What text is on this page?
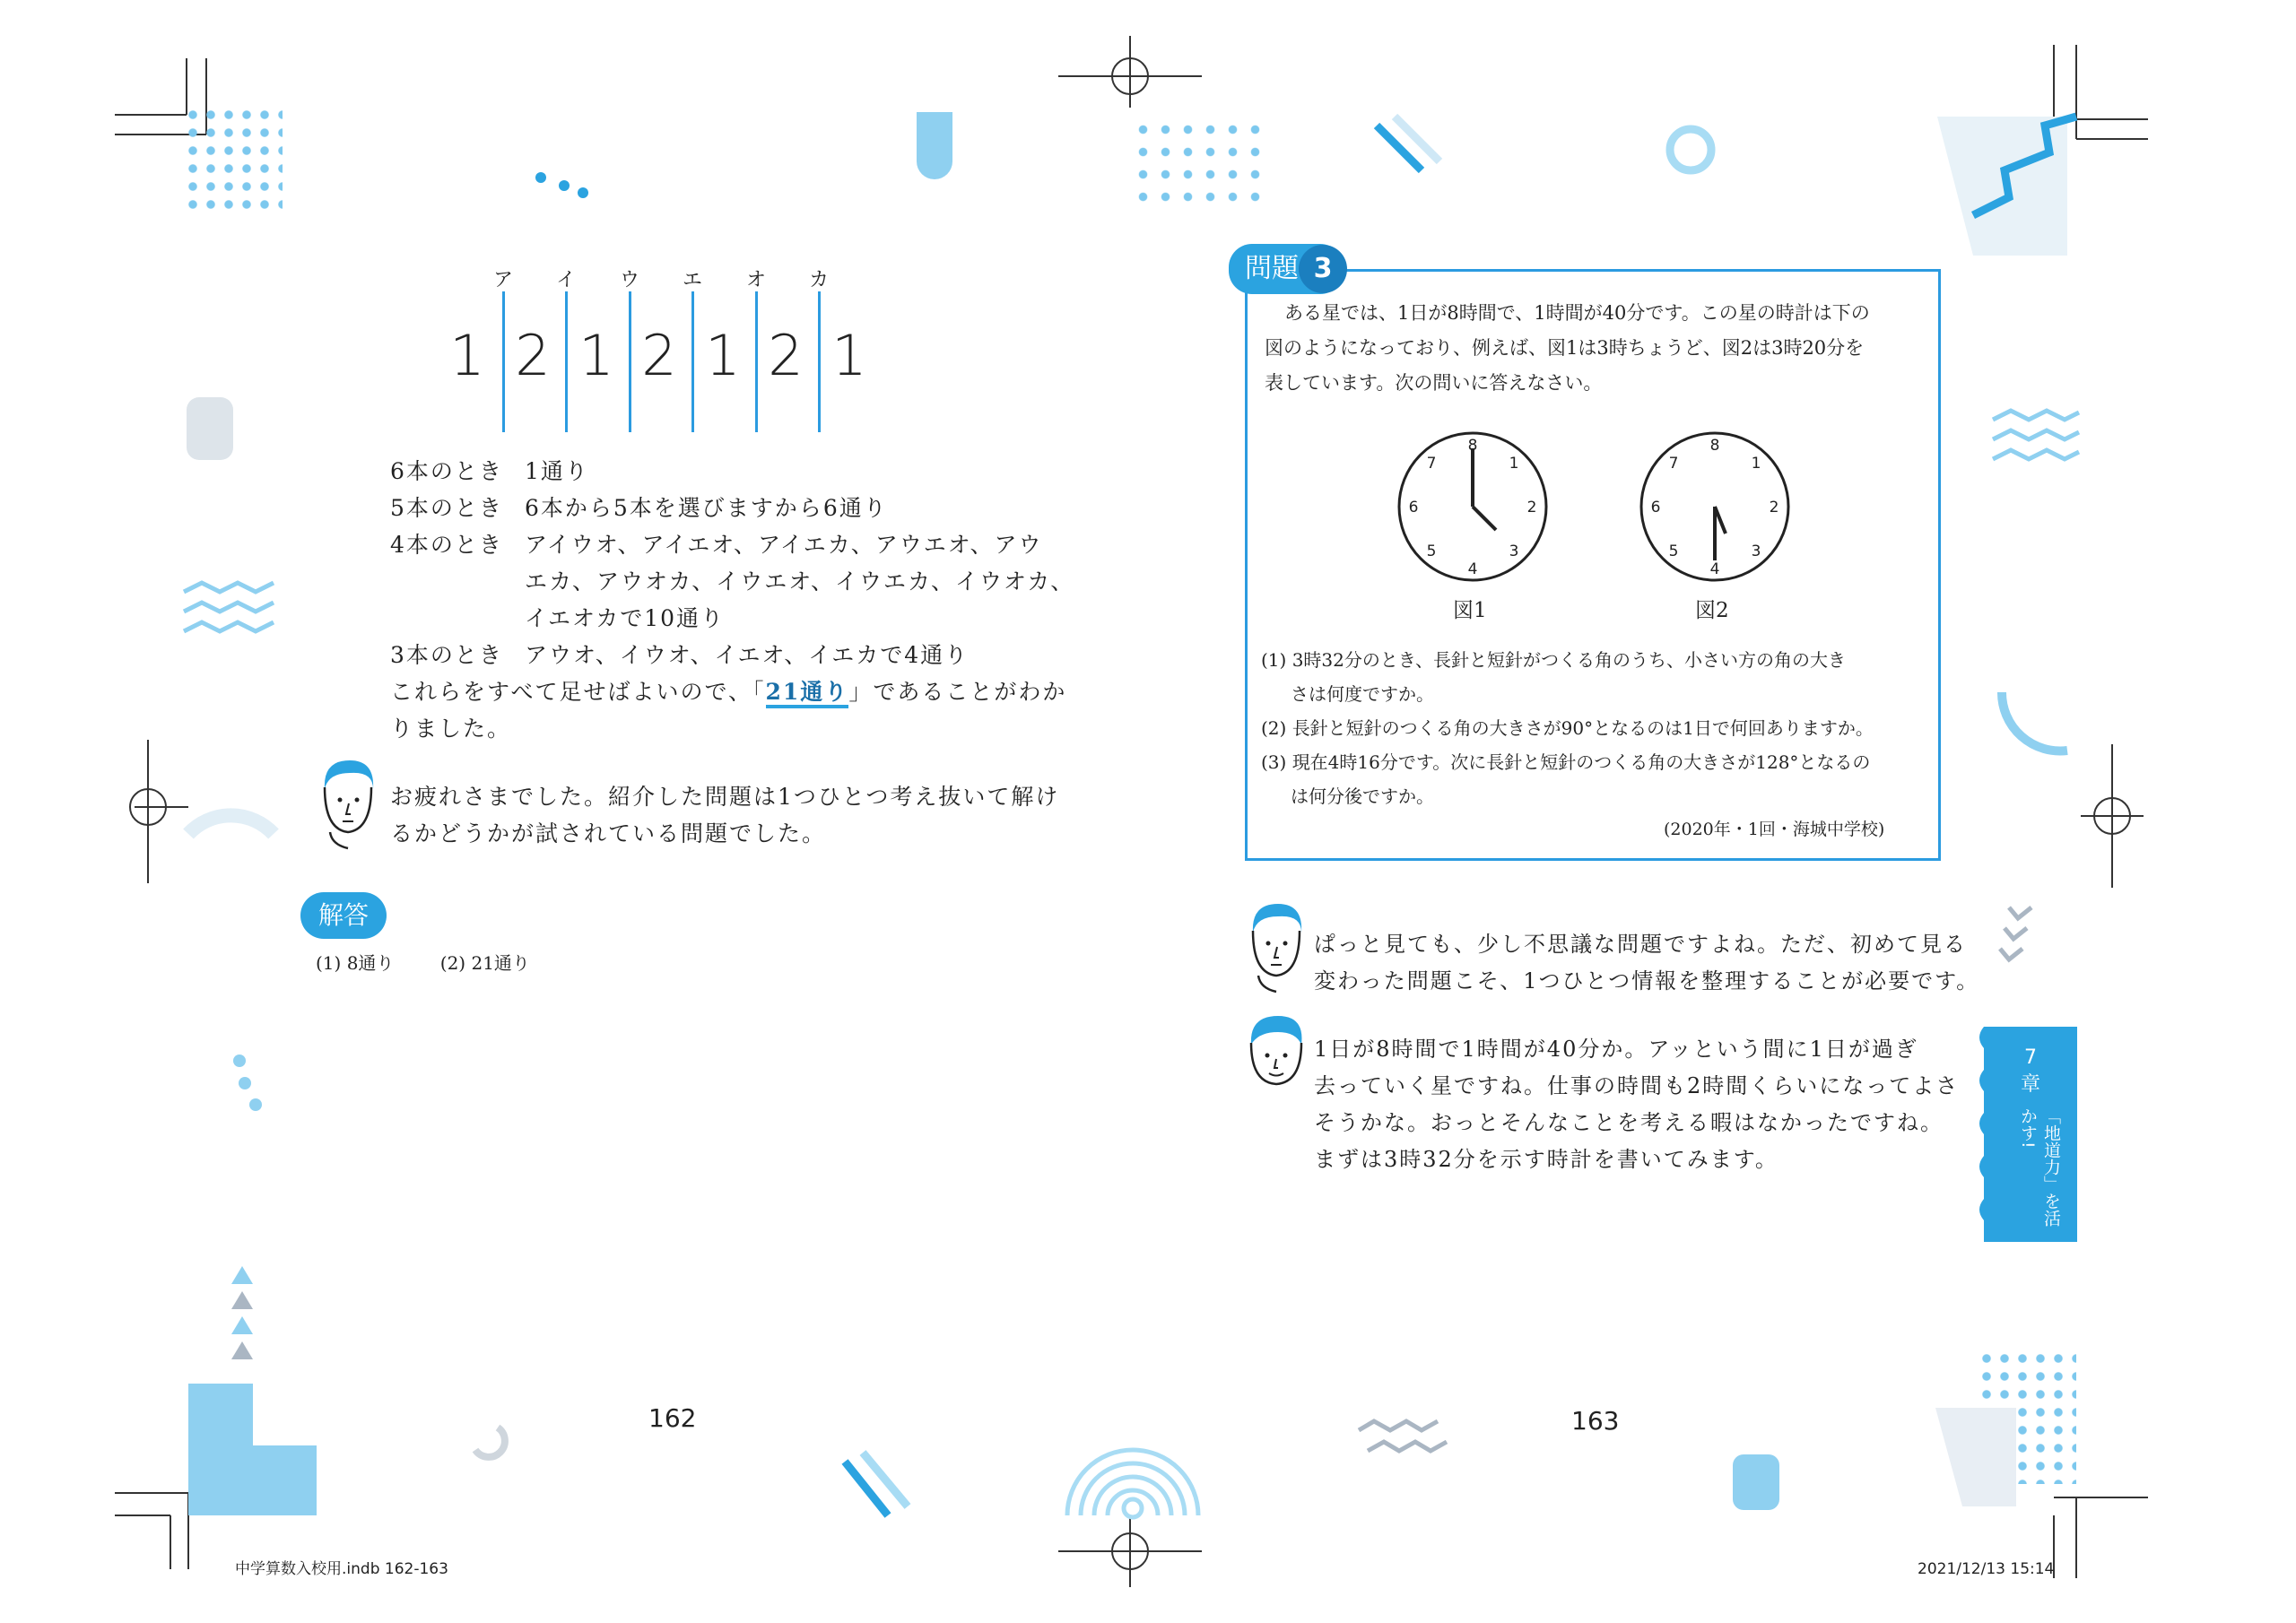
ア イ ウ エ オ カ
1 2 1 2 1 2 1
6本のとき 1通り
5本のとき 6本から5本を選びますから6通り
4本のとき アイウオ、アイエオ、アイエカ、アウエオ、アウ
エカ、アウオカ、イウエオ、イウエカ、イウオカ、
イエオカで10通り
3本のとき アウオ、イウオ、イエオ、イエカで4通り
これらをすべて足せばよいので、「21通り」であることがわか
りました。
お疲れさまでした。紹介した問題は1つひとつ考え抜いて解け
るかどうかが試されている問題でした。
解答
(1) 8通り	(2) 21通り
162
問題 3
ある星では、1日が8時間で、1時間が40分です。この星の時計は下の
図のようになっており、例えば、図1は3時ちょうど、図2は3時20分を
表しています。次の問いに答えなさい。
8
1
2
3
4
5
6
7
8
1
2
3
4
5
6
7
図1	図2
(1) 3時32分のとき、長針と短針がつくる角のうち、小さい方の角の大き
さは何度ですか。
(2) 長針と短針のつくる角の大きさが90°となるのは1日で何回ありますか。
(3) 現在4時16分です。次に長針と短針のつくる角の大きさが128°となるの
は何分後ですか。
(2020年・1回・海城中学校)
ぱっと見ても、少し不思議な問題ですよね。ただ、初めて見る
変わった問題こそ、1つひとつ情報を整理することが必要です。
1日が8時間で1時間が40分か。アッという間に1日が過ぎ
去っていく星ですね。仕事の時間も2時間くらいになってよさ
そうかな。おっとそんなことを考える暇はなかったですね。
まずは3時32分を示す時計を書いてみます。
7
章
「地道力」を活かす!
163
中学算数入校用.indb 162-163	2021/12/13 15:14
